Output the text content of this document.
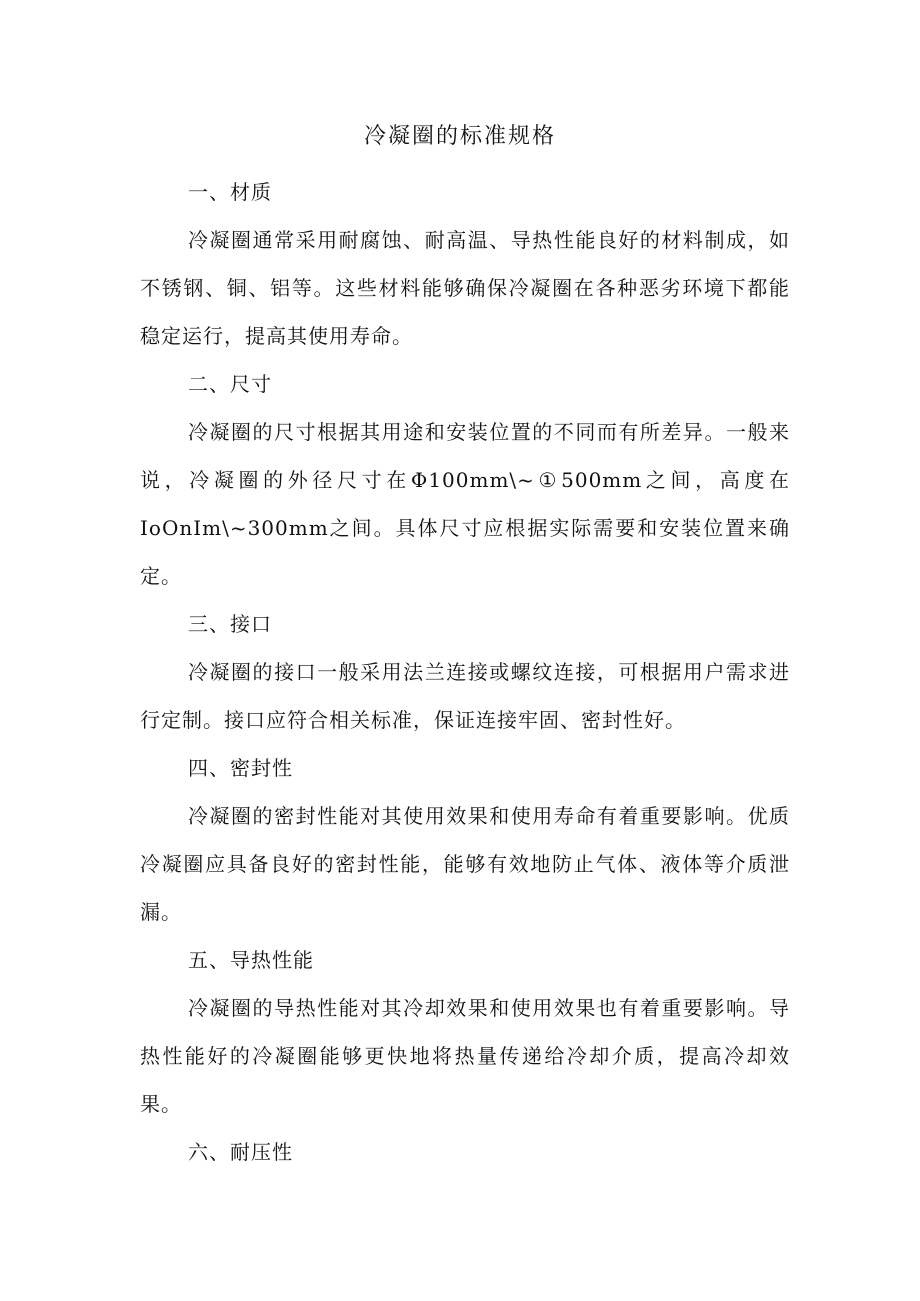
冷凝圈的标准规格
一、材质

冷凝圈通常采用耐腐蚀、耐高温、导热性能良好的材料制成，如不锈钢、铜、铝等。这些材料能够确保冷凝圈在各种恶劣环境下都能稳定运行，提高其使用寿命。

二、尺寸

冷凝圈的尺寸根据其用途和安装位置的不同而有所差异。一般来说，冷凝圈的外径尺寸在Φ100mm\~①500mm之间，高度在IoOnIm\~300mm之间。具体尺寸应根据实际需要和安装位置来确定。

三、接口

冷凝圈的接口一般采用法兰连接或螺纹连接，可根据用户需求进行定制。接口应符合相关标准，保证连接牢固、密封性好。

四、密封性

冷凝圈的密封性能对其使用效果和使用寿命有着重要影响。优质冷凝圈应具备良好的密封性能，能够有效地防止气体、液体等介质泄漏。

五、导热性能

冷凝圈的导热性能对其冷却效果和使用效果也有着重要影响。导热性能好的冷凝圈能够更快地将热量传递给冷却介质，提高冷却效果。

六、耐压性
